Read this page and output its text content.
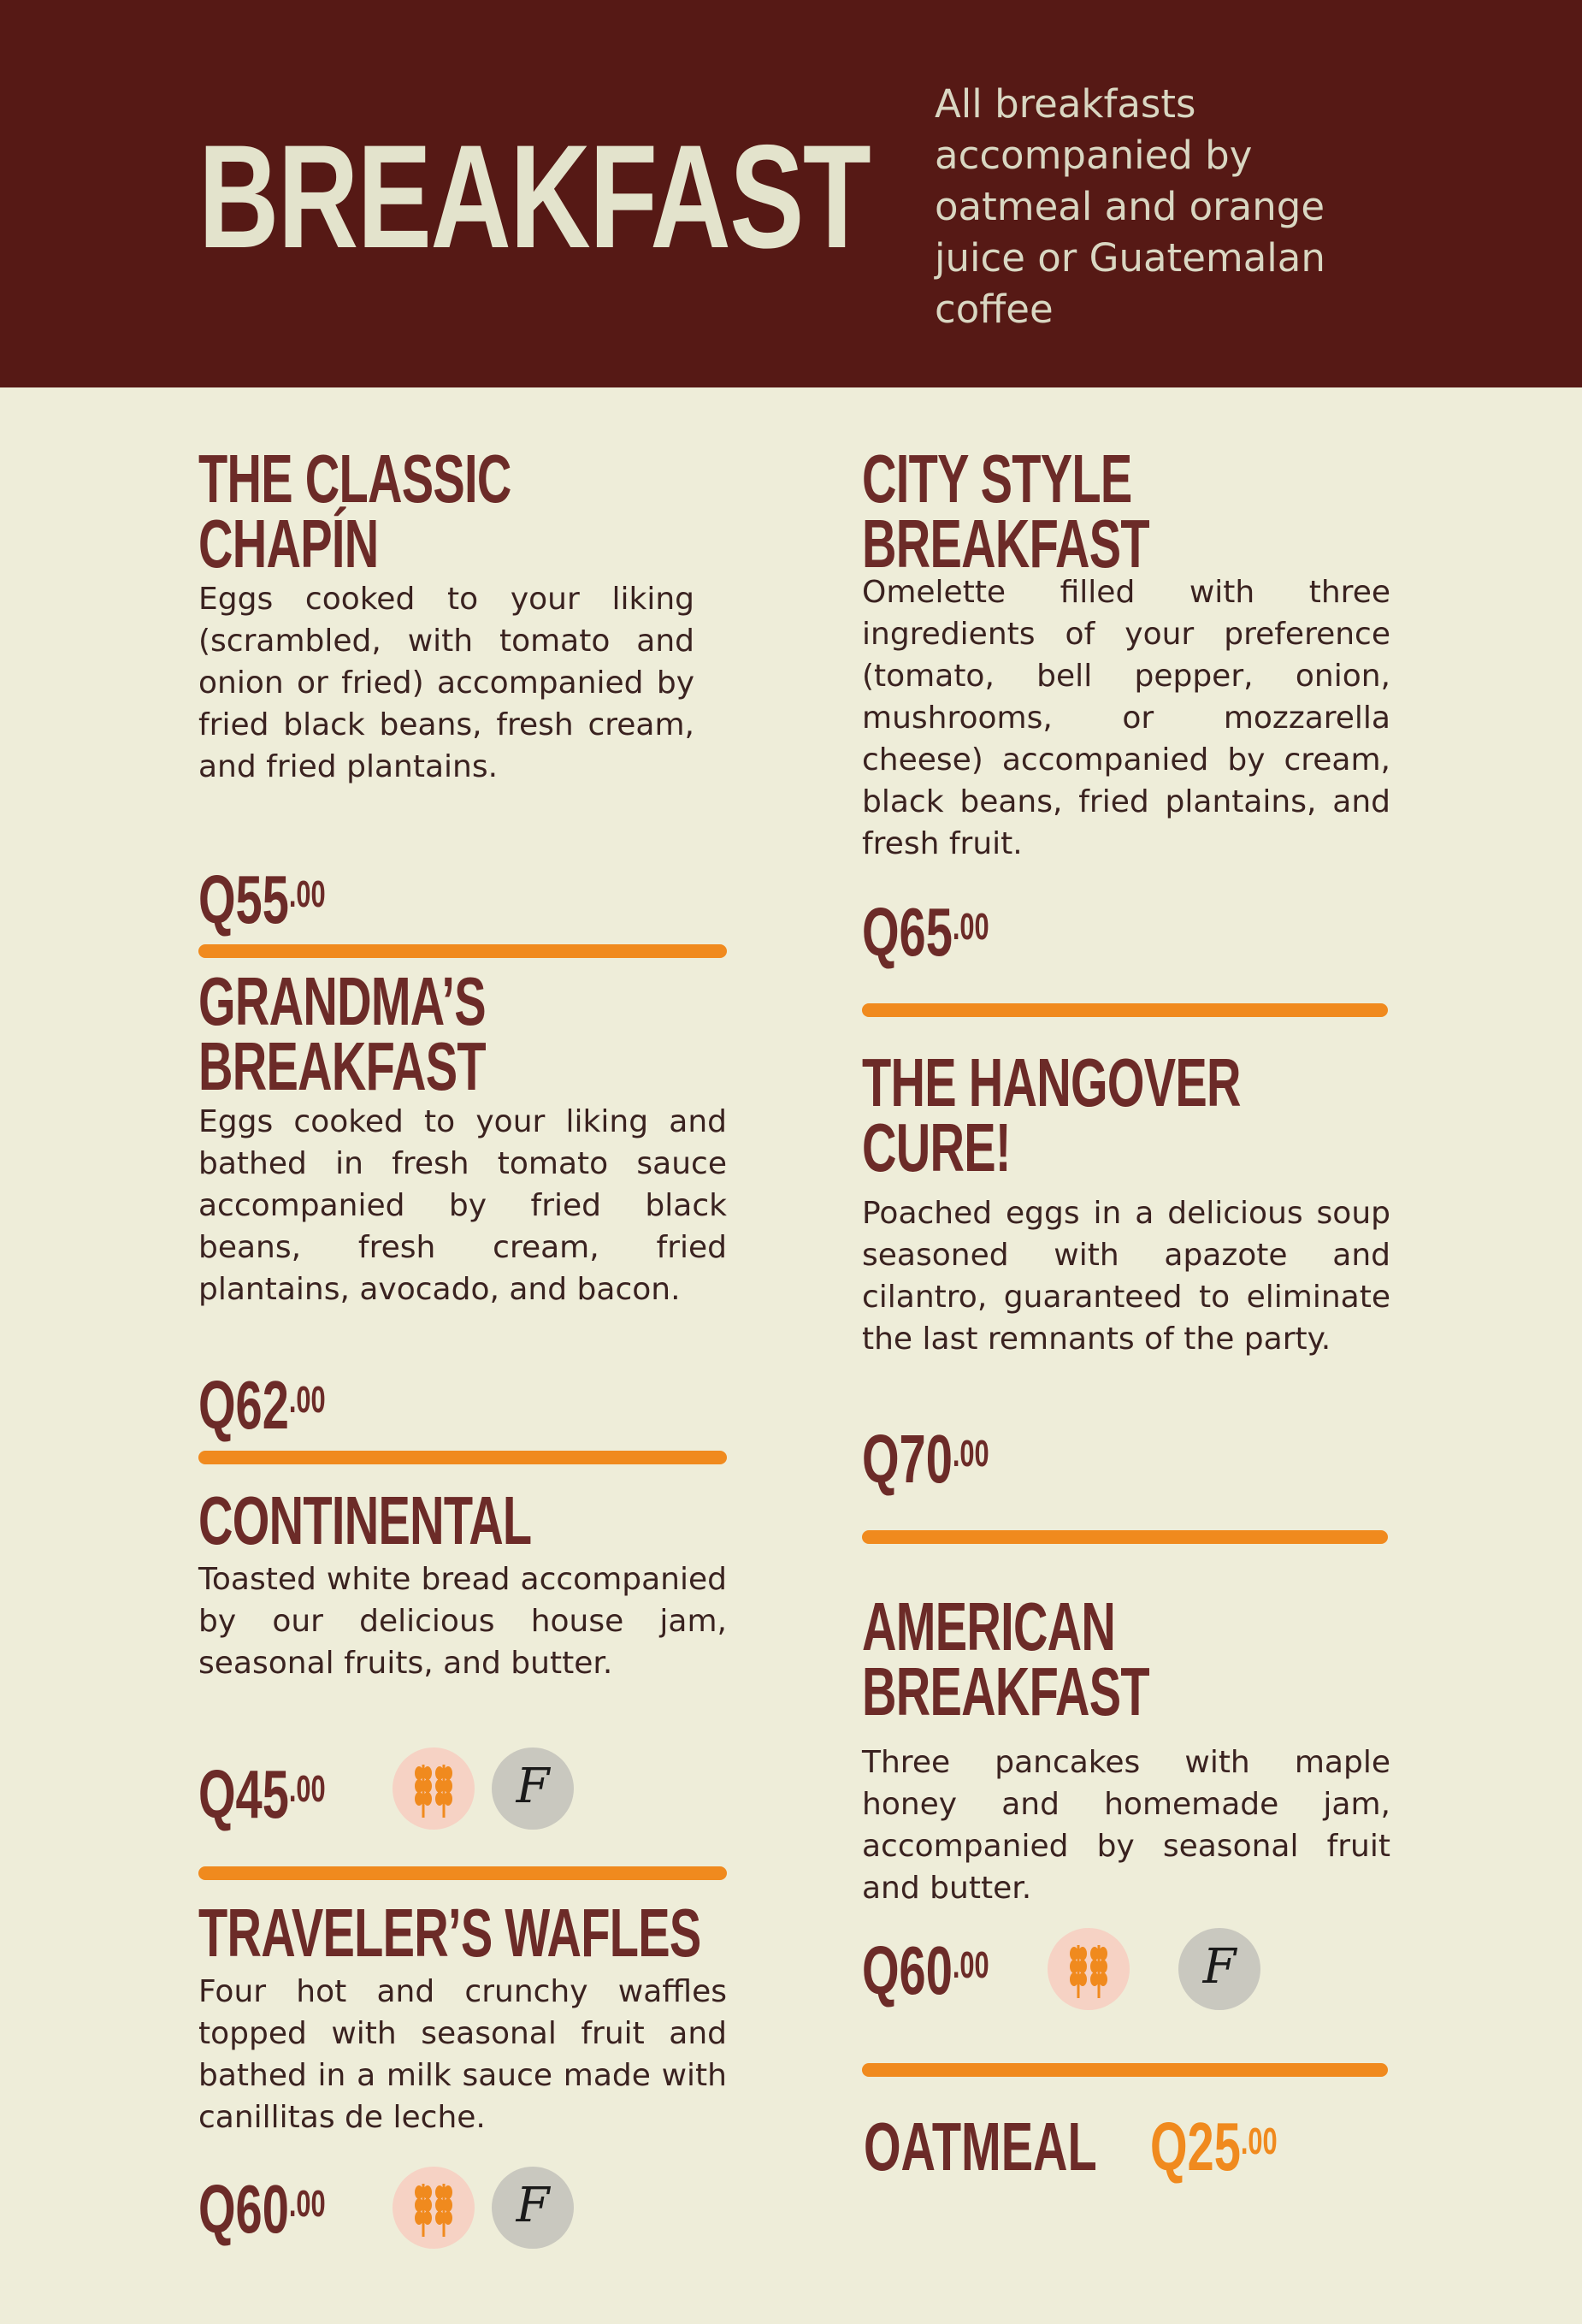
BREAKFAST
All breakfasts accompanied by oatmeal and orange juice or Guatemalan coffee
THE CLASSIC
CHAPÍN
Eggs cooked to your liking (scrambled, with tomato and onion or fried) accompanied by fried black beans, fresh cream, and fried plantains.
$Q55^{.00}$
GRANDMA’S
BREAKFAST
Eggs cooked to your liking and bathed in fresh tomato sauce accompanied by fried black beans, fresh cream, fried plantains, avocado, and bacon.
$Q62^{.00}$
CONTINENTAL
Toasted white bread accompanied by our delicious house jam, seasonal fruits, and butter.
$Q45^{.00}$	F
TRAVELER’S WAFLES
Four hot and crunchy waffles topped with seasonal fruit and bathed in a milk sauce made with canillitas de leche.
$Q60^{.00}$	F
CITY STYLE
BREAKFAST
Omelette filled with three ingredients of your preference (tomato, bell pepper, onion, mushrooms, or mozzarella cheese) accompanied by cream, black beans, fried plantains, and fresh fruit.
$Q65^{.00}$
THE HANGOVER
CURE!
Poached eggs in a delicious soup seasoned with apazote and cilantro, guaranteed to eliminate the last remnants of the party.
$Q70^{.00}$
AMERICAN
BREAKFAST
Three pancakes with maple honey and homemade jam, accompanied by seasonal fruit and butter.
$Q60^{.00}$	F
OATMEAL $Q25^{.00}$
